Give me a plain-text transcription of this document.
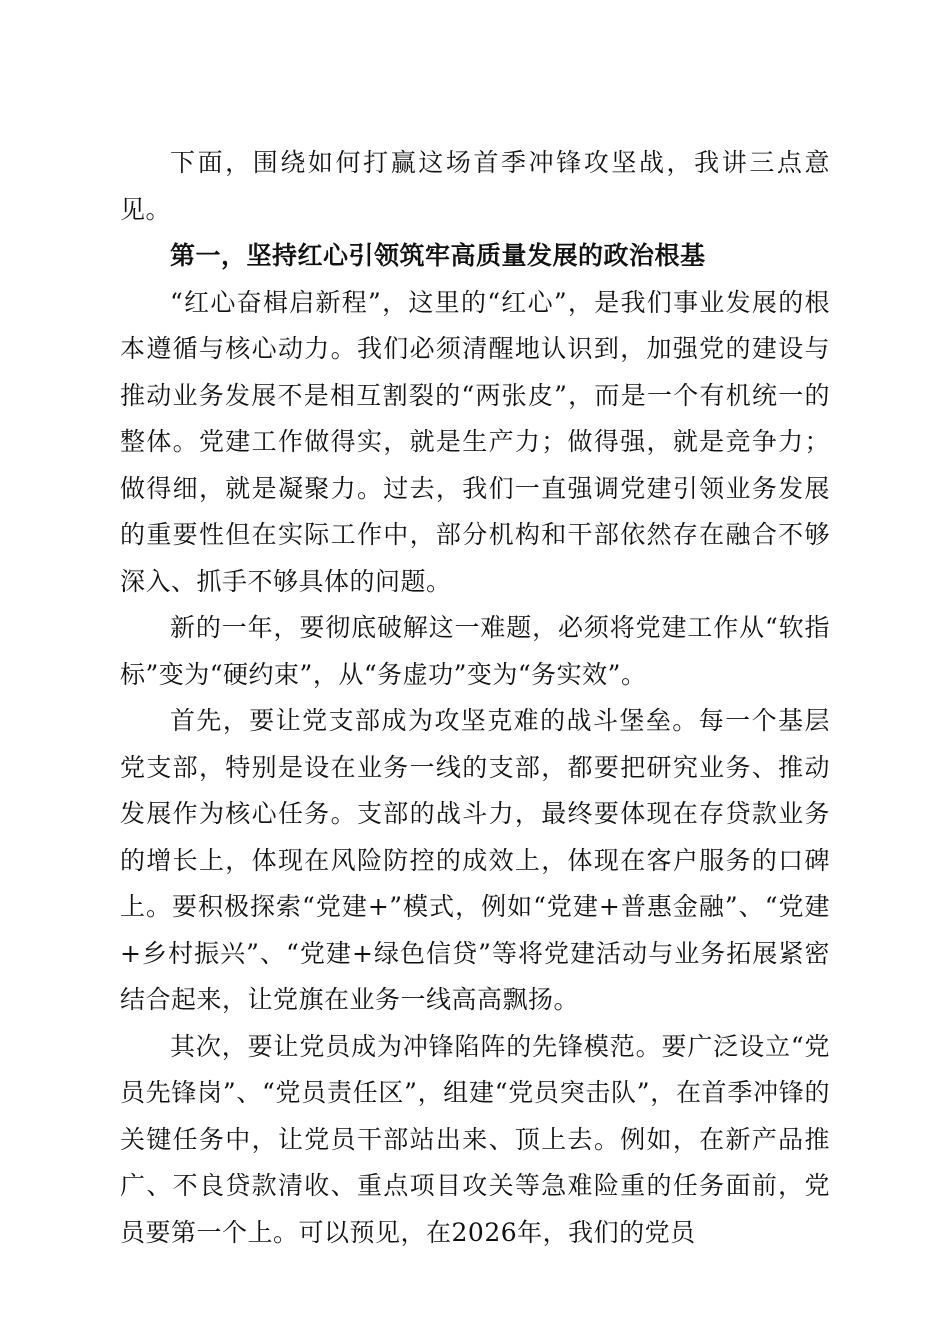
下面，围绕如何打赢这场首季冲锋攻坚战，我讲三点意见。

第一，坚持红心引领筑牢高质量发展的政治根基

“红心奋楫启新程”，这里的“红心”，是我们事业发展的根本遵循与核心动力。我们必须清醒地认识到，加强党的建设与推动业务发展不是相互割裂的“两张皮”，而是一个有机统一的整体。党建工作做得实，就是生产力；做得强，就是竞争力；做得细，就是凝聚力。过去，我们一直强调党建引领业务发展的重要性但在实际工作中，部分机构和干部依然存在融合不够深入、抓手不够具体的问题。

新的一年，要彻底破解这一难题，必须将党建工作从“软指标”变为“硬约束”，从“务虚功”变为“务实效”。

首先，要让党支部成为攻坚克难的战斗堡垒。每一个基层党支部，特别是设在业务一线的支部，都要把研究业务、推动发展作为核心任务。支部的战斗力，最终要体现在存贷款业务的增长上，体现在风险防控的成效上，体现在客户服务的口碑上。要积极探索“党建+”模式，例如“党建+普惠金融”、“党建+乡村振兴”、“党建+绿色信贷”等将党建活动与业务拓展紧密结合起来，让党旗在业务一线高高飘扬。

其次，要让党员成为冲锋陷阵的先锋模范。要广泛设立“党员先锋岗”、“党员责任区”，组建“党员突击队”，在首季冲锋的关键任务中，让党员干部站出来、顶上去。例如，在新产品推广、不良贷款清收、重点项目攻关等急难险重的任务面前，党员要第一个上。可以预见，在2026年，我们的党员
